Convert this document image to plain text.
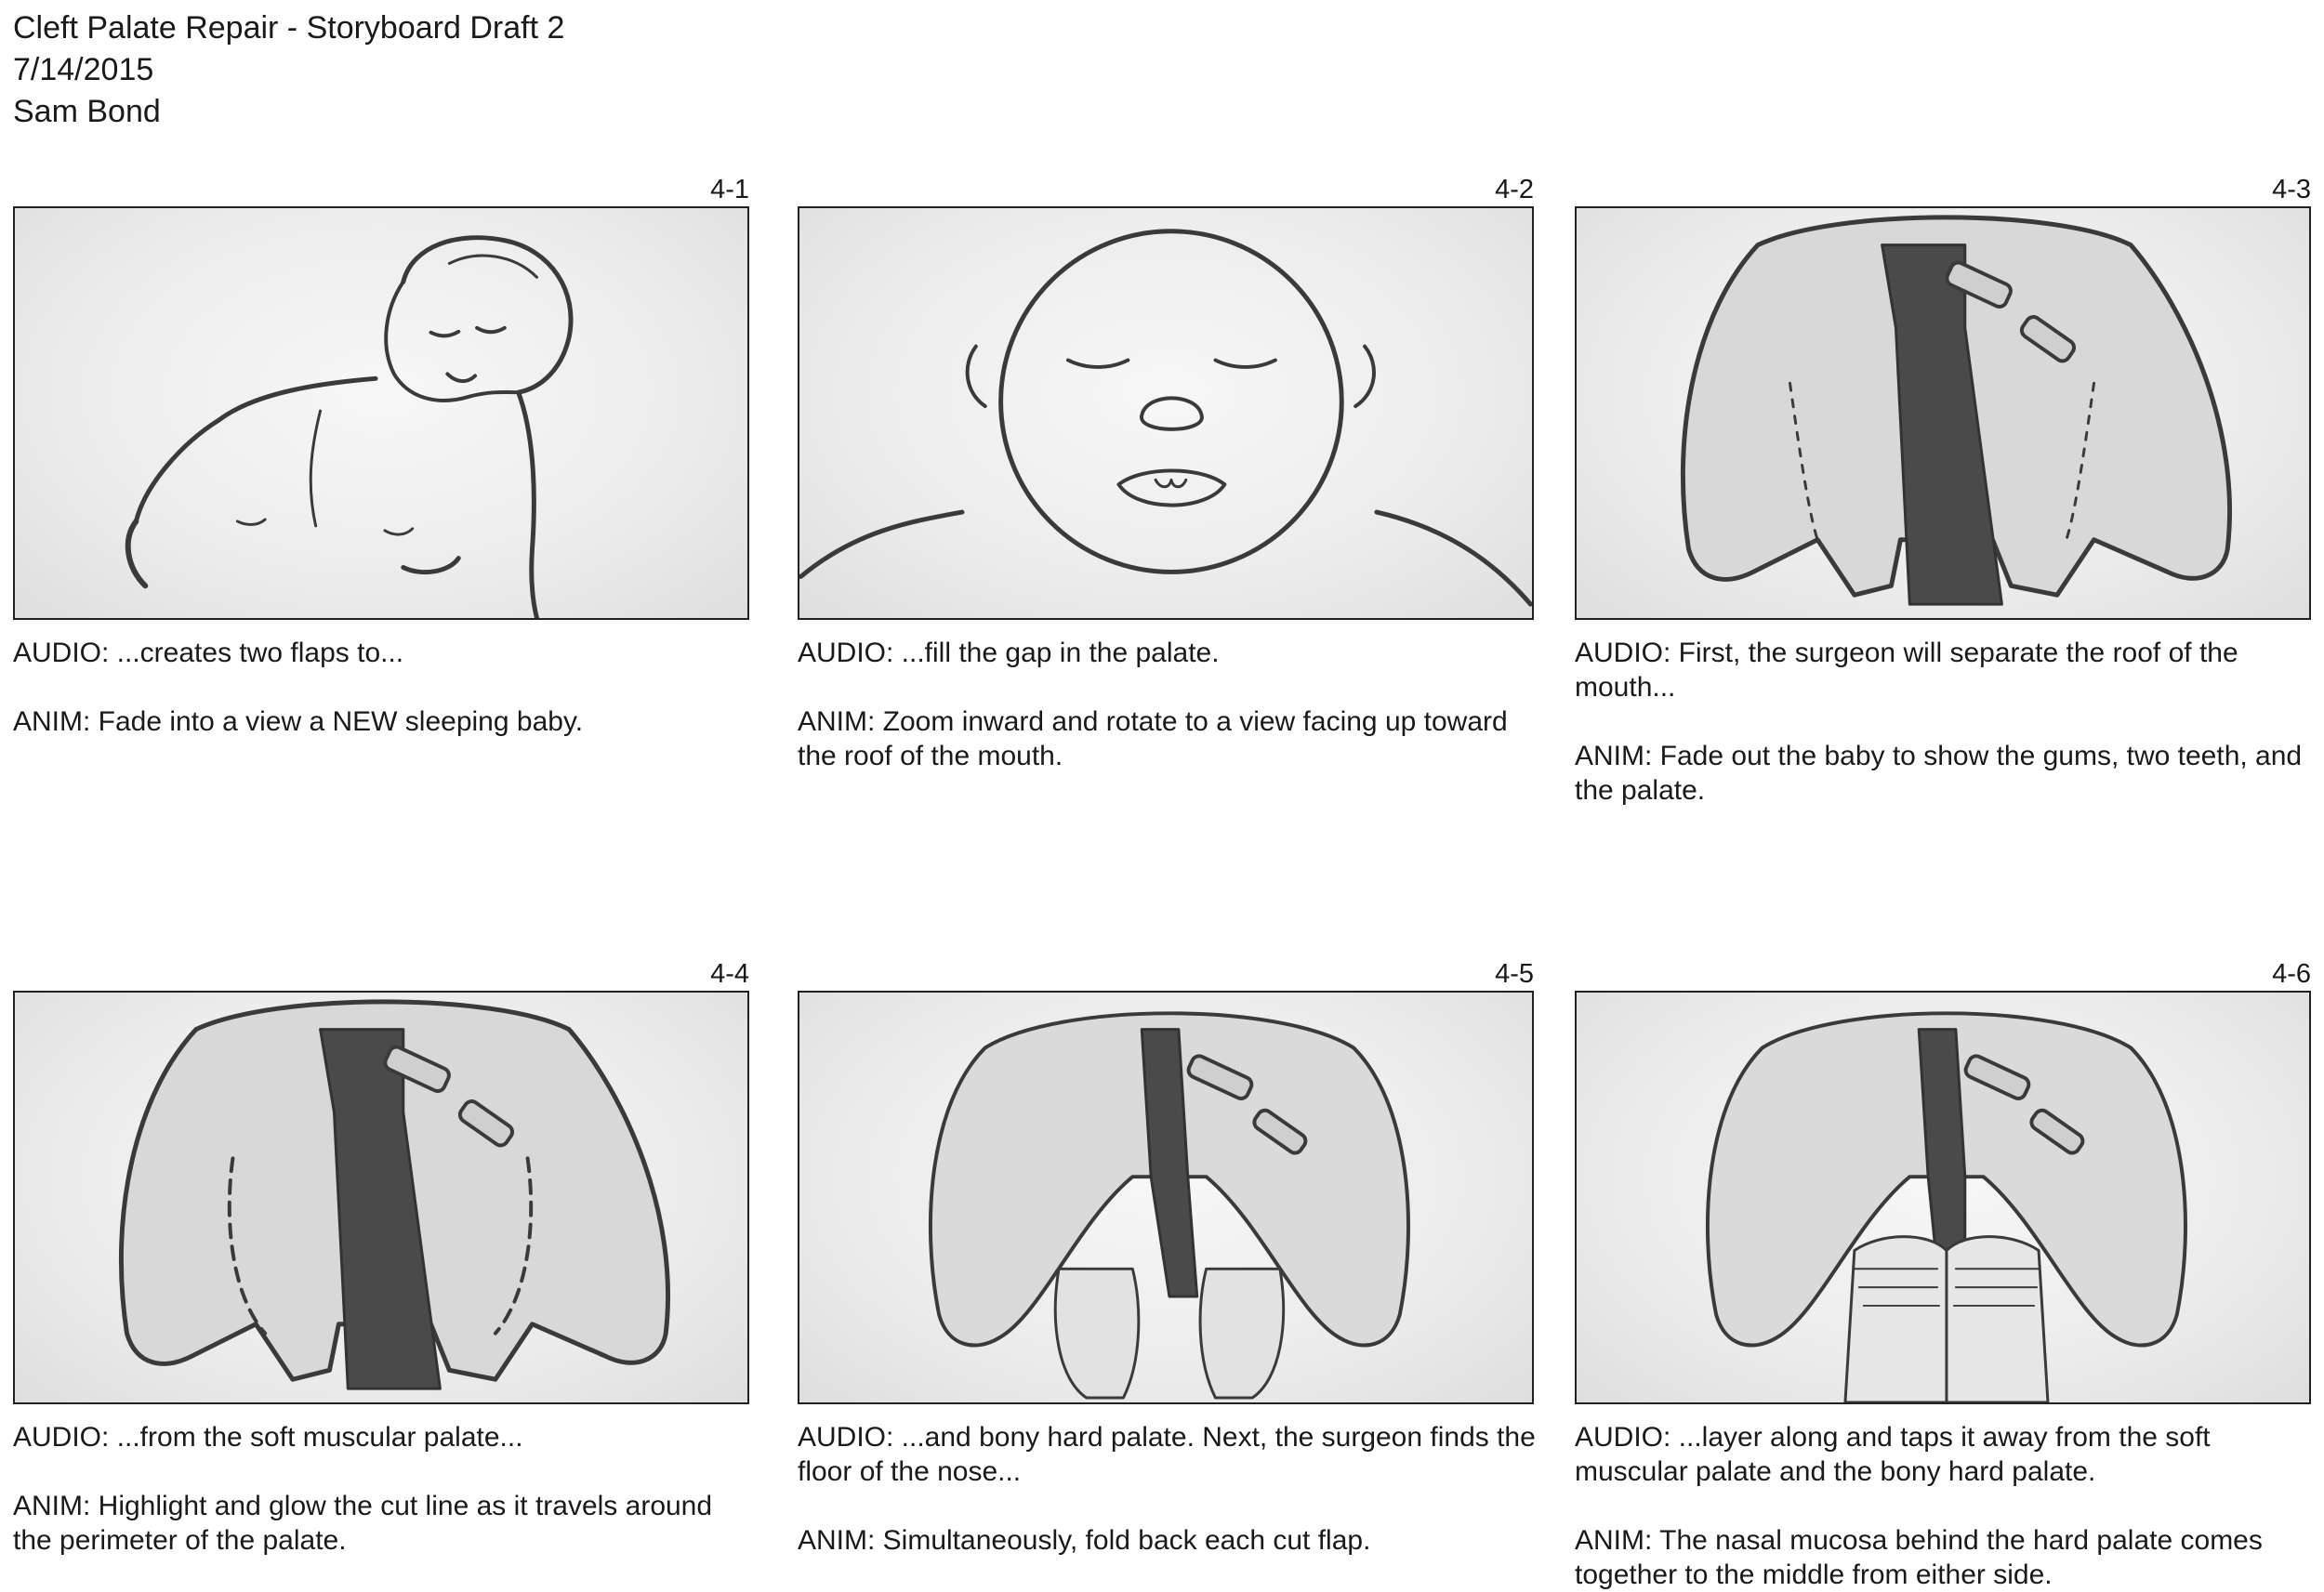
Cleft Palate Repair - Storyboard Draft 2
7/14/2015
Sam Bond
4-1

AUDIO: ...creates two flaps to...

ANIM: Fade into a view a NEW sleeping baby.

4-2

AUDIO: ...fill the gap in the palate.

ANIM: Zoom inward and rotate to a view facing up toward the roof of the mouth.

4-3

AUDIO: First, the surgeon will separate the roof of the mouth...

ANIM: Fade out the baby to show the gums, two teeth, and the palate.

4-4

AUDIO: ...from the soft muscular palate...

ANIM: Highlight and glow the cut line as it travels around the perimeter of the palate.

4-5

AUDIO: ...and bony hard palate. Next, the surgeon finds the floor of the nose...

ANIM: Simultaneously, fold back each cut flap.

4-6

AUDIO: ...layer along and taps it away from the soft muscular palate and the bony hard palate.

ANIM: The nasal mucosa behind the hard palate comes together to the middle from either side.
